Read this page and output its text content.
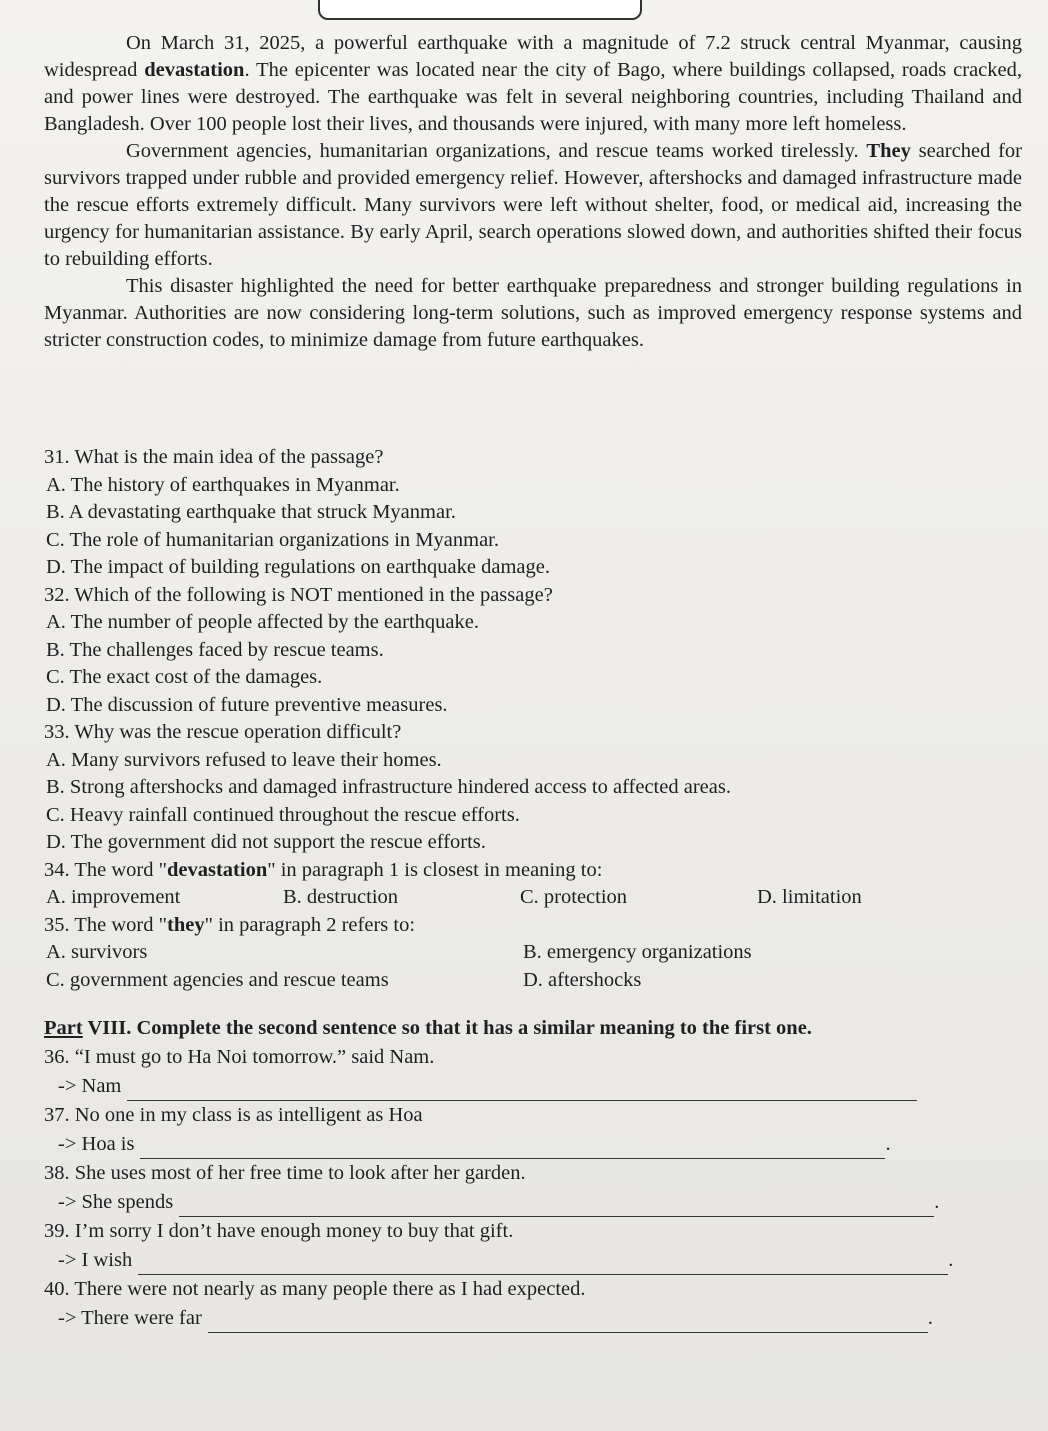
On March 31, 2025, a powerful earthquake with a magnitude of 7.2 struck central Myanmar, causing widespread devastation. The epicenter was located near the city of Bago, where buildings collapsed, roads cracked, and power lines were destroyed. The earthquake was felt in several neighboring countries, including Thailand and Bangladesh. Over 100 people lost their lives, and thousands were injured, with many more left homeless.

Government agencies, humanitarian organizations, and rescue teams worked tirelessly. They searched for survivors trapped under rubble and provided emergency relief. However, aftershocks and damaged infrastructure made the rescue efforts extremely difficult. Many survivors were left without shelter, food, or medical aid, increasing the urgency for humanitarian assistance. By early April, search operations slowed down, and authorities shifted their focus to rebuilding efforts.

This disaster highlighted the need for better earthquake preparedness and stronger building regulations in Myanmar. Authorities are now considering long-term solutions, such as improved emergency response systems and stricter construction codes, to minimize damage from future earthquakes.

31. What is the main idea of the passage?
A. The history of earthquakes in Myanmar.
B. A devastating earthquake that struck Myanmar.
C. The role of humanitarian organizations in Myanmar.
D. The impact of building regulations on earthquake damage.
32. Which of the following is NOT mentioned in the passage?
A. The number of people affected by the earthquake.
B. The challenges faced by rescue teams.
C. The exact cost of the damages.
D. The discussion of future preventive measures.
33. Why was the rescue operation difficult?
A. Many survivors refused to leave their homes.
B. Strong aftershocks and damaged infrastructure hindered access to affected areas.
C. Heavy rainfall continued throughout the rescue efforts.
D. The government did not support the rescue efforts.
34. The word "devastation" in paragraph 1 is closest in meaning to:
A. improvement	B. destruction	C. protection	D. limitation
35. The word "they" in paragraph 2 refers to:
A. survivors	B. emergency organizations
C. government agencies and rescue teams	D. aftershocks
Part VIII. Complete the second sentence so that it has a similar meaning to the first one.
36. “I must go to Ha Noi tomorrow.” said Nam.
-> Nam
37. No one in my class is as intelligent as Hoa
-> Hoa is	.
38. She uses most of her free time to look after her garden.
-> She spends	.
39. I’m sorry I don’t have enough money to buy that gift.
-> I wish	.
40. There were not nearly as many people there as I had expected.
-> There were far	.
